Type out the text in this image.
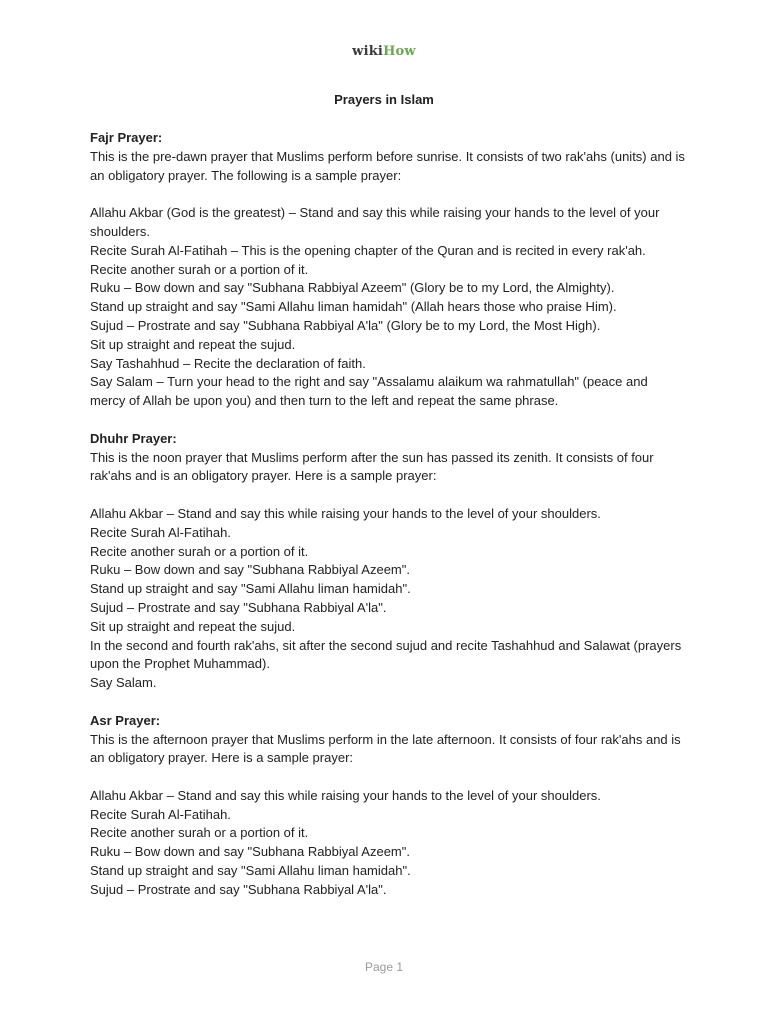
wikiHow
Prayers in Islam

Fajr Prayer:

This is the pre-dawn prayer that Muslims perform before sunrise. It consists of two rak'ahs (units) and is an obligatory prayer. The following is a sample prayer:

Allahu Akbar (God is the greatest) – Stand and say this while raising your hands to the level of your shoulders.

Recite Surah Al-Fatihah – This is the opening chapter of the Quran and is recited in every rak'ah.

Recite another surah or a portion of it.

Ruku – Bow down and say "Subhana Rabbiyal Azeem" (Glory be to my Lord, the Almighty).

Stand up straight and say "Sami Allahu liman hamidah" (Allah hears those who praise Him).

Sujud – Prostrate and say "Subhana Rabbiyal A'la" (Glory be to my Lord, the Most High).

Sit up straight and repeat the sujud.

Say Tashahhud – Recite the declaration of faith.

Say Salam – Turn your head to the right and say "Assalamu alaikum wa rahmatullah" (peace and mercy of Allah be upon you) and then turn to the left and repeat the same phrase.

Dhuhr Prayer:

This is the noon prayer that Muslims perform after the sun has passed its zenith. It consists of four rak'ahs and is an obligatory prayer. Here is a sample prayer:

Allahu Akbar – Stand and say this while raising your hands to the level of your shoulders.

Recite Surah Al-Fatihah.

Recite another surah or a portion of it.

Ruku – Bow down and say "Subhana Rabbiyal Azeem".

Stand up straight and say "Sami Allahu liman hamidah".

Sujud – Prostrate and say "Subhana Rabbiyal A'la".

Sit up straight and repeat the sujud.

In the second and fourth rak'ahs, sit after the second sujud and recite Tashahhud and Salawat (prayers upon the Prophet Muhammad).

Say Salam.

Asr Prayer:

This is the afternoon prayer that Muslims perform in the late afternoon. It consists of four rak'ahs and is an obligatory prayer. Here is a sample prayer:

Allahu Akbar – Stand and say this while raising your hands to the level of your shoulders.

Recite Surah Al-Fatihah.

Recite another surah or a portion of it.

Ruku – Bow down and say "Subhana Rabbiyal Azeem".

Stand up straight and say "Sami Allahu liman hamidah".

Sujud – Prostrate and say "Subhana Rabbiyal A'la".

Page 1
